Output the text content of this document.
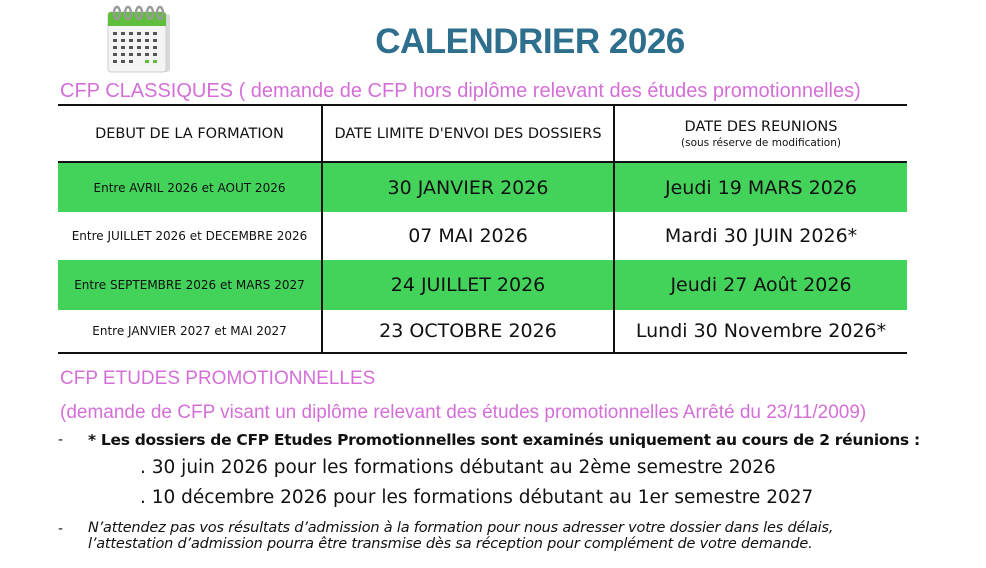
CALENDRIER 2026
CFP CLASSIQUES ( demande de CFP hors diplôme relevant des études promotionnelles)
DEBUT DE LA FORMATION	DATE LIMITE D'ENVOI DES DOSSIERS	DATE DES REUNIONS
(sous réserve de modification)

Entre AVRIL 2026 et AOUT 2026	30 JANVIER 2026	Jeudi 19 MARS 2026
Entre JUILLET 2026 et DECEMBRE 2026	07 MAI 2026	Mardi 30 JUIN 2026*
Entre SEPTEMBRE 2026 et MARS 2027	24 JUILLET 2026	Jeudi 27 Août 2026
Entre JANVIER 2027 et MAI 2027	23 OCTOBRE 2026	Lundi 30 Novembre 2026*
CFP ETUDES PROMOTIONNELLES
(demande de CFP visant un diplôme relevant des études promotionnelles Arrêté du 23/11/2009)
- * Les dossiers de CFP Etudes Promotionnelles sont examinés uniquement au cours de 2 réunions :
. 30 juin 2026 pour les formations débutant au 2ème semestre 2026
. 10 décembre 2026 pour les formations débutant au 1er semestre 2027
- N’attendez pas vos résultats d’admission à la formation pour nous adresser votre dossier dans les délais,
l’attestation d’admission pourra être transmise dès sa réception pour complément de votre demande.
